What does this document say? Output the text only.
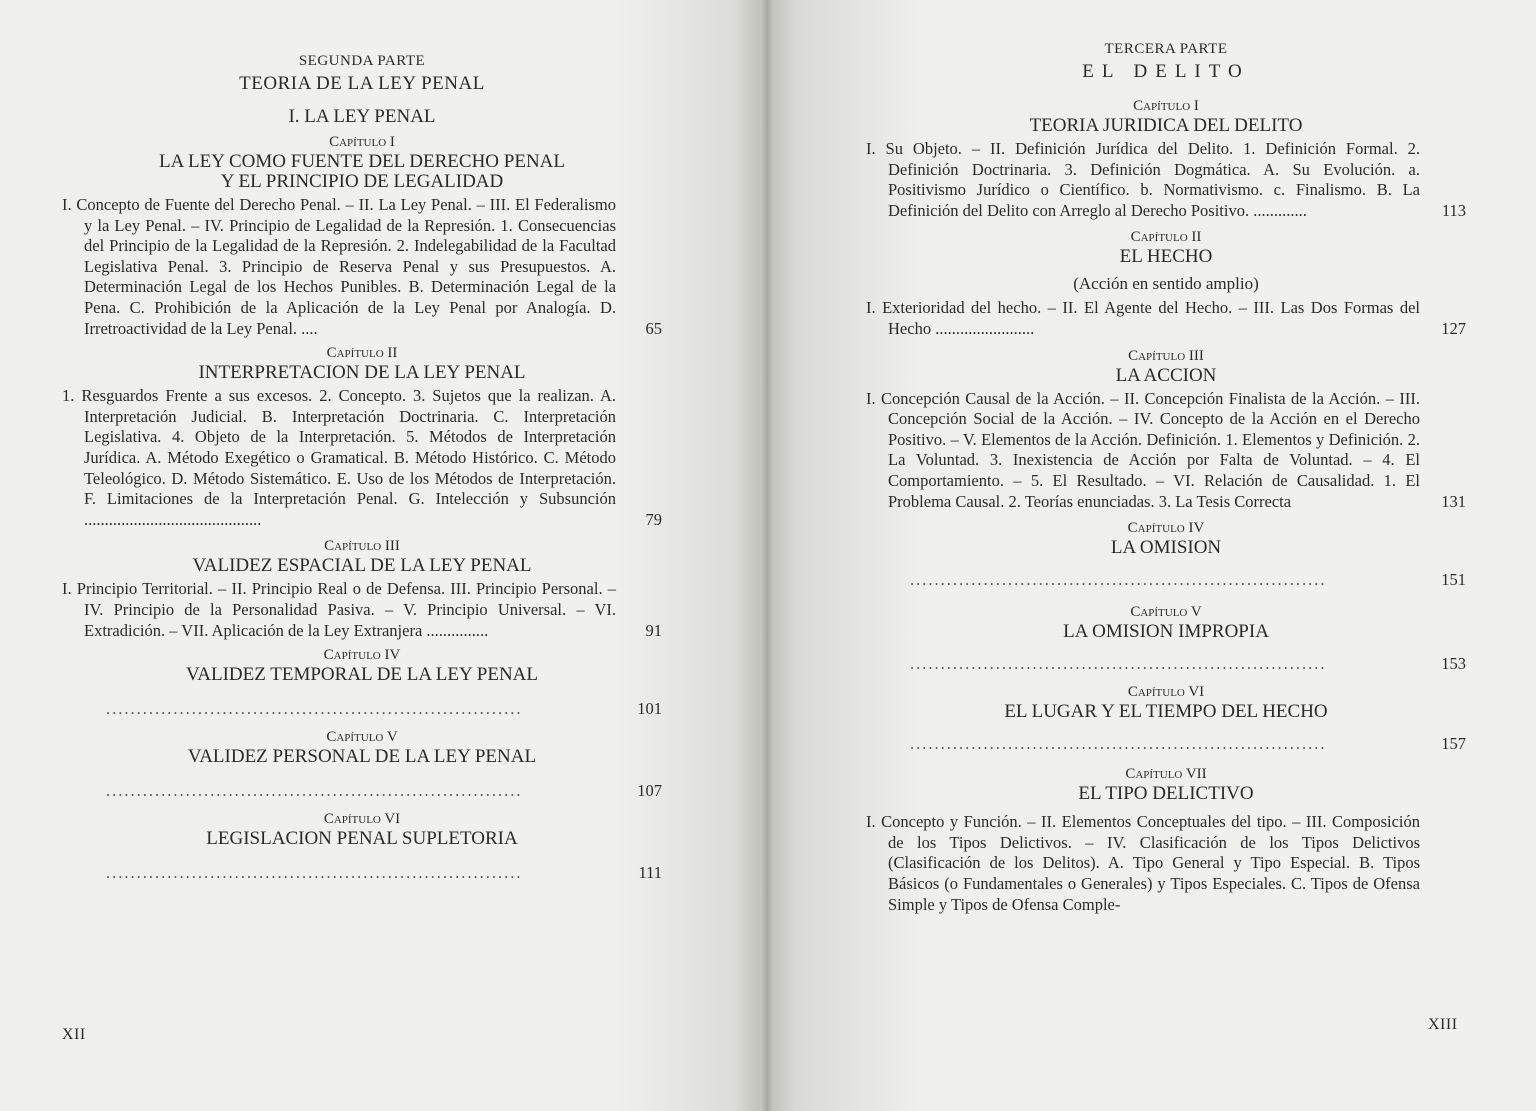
SEGUNDA PARTE
TEORIA DE LA LEY PENAL
I. LA LEY PENAL
Capítulo I
LA LEY COMO FUENTE DEL DERECHO PENAL
Y EL PRINCIPIO DE LEGALIDAD
I. Concepto de Fuente del Derecho Penal. – II. La Ley Penal. – III. El Federalismo y la Ley Penal. – IV. Principio de Legalidad de la Represión. 1. Consecuencias del Principio de la Legalidad de la Represión. 2. Indelegabilidad de la Facultad Legislativa Penal. 3. Principio de Reserva Penal y sus Presupuestos. A. Determinación Legal de los Hechos Punibles. B. Determinación Legal de la Pena. C. Prohibición de la Aplicación de la Ley Penal por Analogía. D. Irretroactividad de la Ley Penal. ....	65
Capítulo II
INTERPRETACION DE LA LEY PENAL
1. Resguardos Frente a sus excesos. 2. Concepto. 3. Sujetos que la realizan. A. Interpretación Judicial. B. Interpretación Doctrinaria. C. Interpretación Legislativa. 4. Objeto de la Interpretación. 5. Métodos de Interpretación Jurídica. A. Método Exegético o Gramatical. B. Método Histórico. C. Método Teleológico. D. Método Sistemático. E. Uso de los Métodos de Interpretación. F. Limitaciones de la Interpretación Penal. G. Intelección y Subsunción ...........................................	79
Capítulo III
VALIDEZ ESPACIAL DE LA LEY PENAL
I. Principio Territorial. – II. Principio Real o de Defensa. III. Principio Personal. – IV. Principio de la Personalidad Pasiva. – V. Principio Universal. – VI. Extradición. – VII. Aplicación de la Ley Extranjera ...............	91
Capítulo IV
VALIDEZ TEMPORAL DE LA LEY PENAL
....................................................................	101
Capítulo V
VALIDEZ PERSONAL DE LA LEY PENAL
....................................................................	107
Capítulo VI
LEGISLACION PENAL SUPLETORIA
....................................................................	111
TERCERA PARTE
EL DELITO
Capítulo I
TEORIA JURIDICA DEL DELITO
I. Su Objeto. – II. Definición Jurídica del Delito. 1. Definición Formal. 2. Definición Doctrinaria. 3. Definición Dogmática. A. Su Evolución. a. Positivismo Jurídico o Científico. b. Normativismo. c. Finalismo. B. La Definición del Delito con Arreglo al Derecho Positivo. .............	113
Capítulo II
EL HECHO
(Acción en sentido amplio)
I. Exterioridad del hecho. – II. El Agente del Hecho. – III. Las Dos Formas del Hecho ........................	127
Capítulo III
LA ACCION
I. Concepción Causal de la Acción. – II. Concepción Finalista de la Acción. – III. Concepción Social de la Acción. – IV. Concepto de la Acción en el Derecho Positivo. – V. Elementos de la Acción. Definición. 1. Elementos y Definición. 2. La Voluntad. 3. Inexistencia de Acción por Falta de Voluntad. – 4. El Comportamiento. – 5. El Resultado. – VI. Relación de Causalidad. 1. El Problema Causal. 2. Teorías enunciadas. 3. La Tesis Correcta	131
Capítulo IV
LA OMISION
....................................................................	151
Capítulo V
LA OMISION IMPROPIA
....................................................................	153
Capítulo VI
EL LUGAR Y EL TIEMPO DEL HECHO
....................................................................	157
Capítulo VII
EL TIPO DELICTIVO
I. Concepto y Función. – II. Elementos Conceptuales del tipo. – III. Composición de los Tipos Delictivos. – IV. Clasificación de los Tipos Delictivos (Clasificación de los Delitos). A. Tipo General y Tipo Especial. B. Tipos Básicos (o Fundamentales o Generales) y Tipos Especiales. C. Tipos de Ofensa Simple y Tipos de Ofensa Comple-
XII
XIII
